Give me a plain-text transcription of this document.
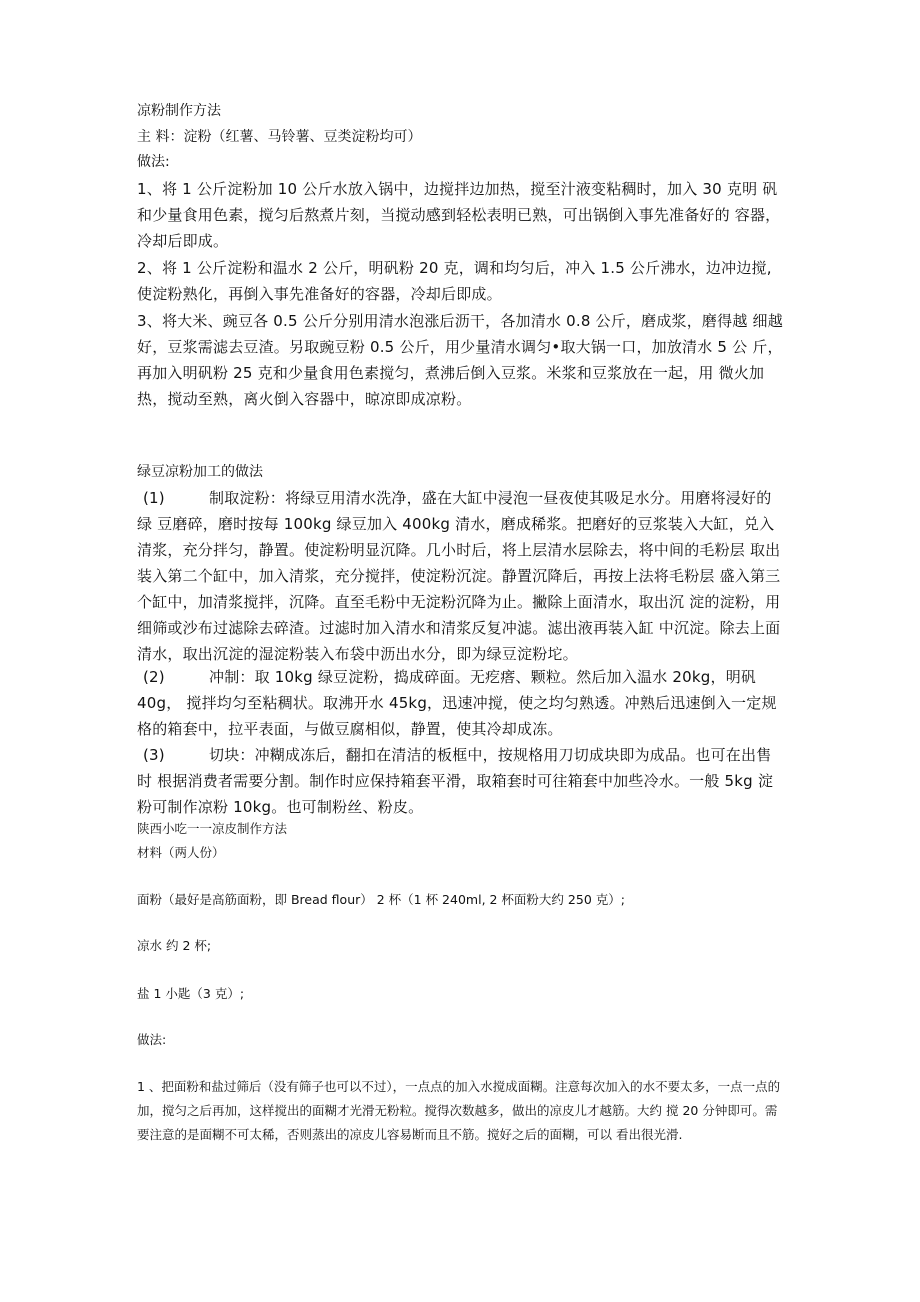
凉粉制作方法

主 料：淀粉（红薯、马铃薯、豆类淀粉均可）

做法:

1、将 1 公斤淀粉加 10 公斤水放入锅中，边搅拌边加热，搅至汁液变粘稠时，加入 30 克明 矾和少量食用色素，搅匀后熬煮片刻，当搅动感到轻松表明已熟，可出锅倒入事先准备好的 容器，冷却后即成。

2、将 1 公斤淀粉和温水 2 公斤，明矾粉 20 克，调和均匀后，冲入 1.5 公斤沸水，边冲边搅, 使淀粉熟化，再倒入事先准备好的容器，冷却后即成。

3、将大米、豌豆各 0.5 公斤分别用清水泡涨后沥干，各加清水 0.8 公斤，磨成浆，磨得越 细越好，豆浆需滤去豆渣。另取豌豆粉 0.5 公斤，用少量清水调匀•取大锅一口，加放清水 5 公 斤，再加入明矾粉 25 克和少量食用色素搅匀，煮沸后倒入豆浆。米浆和豆浆放在一起，用 微火加热，搅动至熟，离火倒入容器中，晾凉即成凉粉。

绿豆凉粉加工的做法

(1)	制取淀粉：将绿豆用清水洗净，盛在大缸中浸泡一昼夜使其吸足水分。用磨将浸好的绿 豆磨碎，磨时按每 100kg 绿豆加入 400kg 清水，磨成稀浆。把磨好的豆浆装入大缸，兑入清浆，充分拌匀，静置。使淀粉明显沉降。几小时后，将上层清水层除去，将中间的毛粉层 取出装入第二个缸中，加入清浆，充分搅拌，使淀粉沉淀。静置沉降后，再按上法将毛粉层 盛入第三个缸中，加清浆搅拌，沉降。直至毛粉中无淀粉沉降为止。撇除上面清水，取出沉 淀的淀粉，用细筛或沙布过滤除去碎渣。过滤时加入清水和清浆反复冲滤。滤出液再装入缸 中沉淀。除去上面清水，取出沉淀的湿淀粉装入布袋中沥出水分，即为绿豆淀粉坨。

(2)	冲制：取 10kg 绿豆淀粉，捣成碎面。无疙瘩、颗粒。然后加入温水 20kg，明矾 40g， 搅拌均匀至粘稠状。取沸开水 45kg，迅速冲搅，使之均匀熟透。冲熟后迅速倒入一定规格的箱套中，拉平表面，与做豆腐相似，静置，使其冷却成冻。

(3)	切块：冲糊成冻后，翻扣在清洁的板框中，按规格用刀切成块即为成品。也可在出售时 根据消费者需要分割。制作时应保持箱套平滑，取箱套时可往箱套中加些冷水。一般 5kg 淀粉可制作凉粉 10kg。也可制粉丝、粉皮。

陕西小吃一一凉皮制作方法

材料（两人份）

面粉（最好是高筋面粉，即 Bread flour） 2 杯（1 杯 240ml, 2 杯面粉大约 250 克）;

凉水 约 2 杯;

盐 1 小匙（3 克）;

做法:

1 、把面粉和盐过筛后（没有筛子也可以不过），一点点的加入水搅成面糊。注意每次加入的水不要太多，一点一点的加，搅匀之后再加，这样搅出的面糊才光滑无粉粒。搅得次数越多，做出的凉皮儿才越筋。大约 搅 20 分钟即可。需要注意的是面糊不可太稀，否则蒸出的凉皮儿容易断而且不筋。搅好之后的面糊，可以 看出很光滑.
